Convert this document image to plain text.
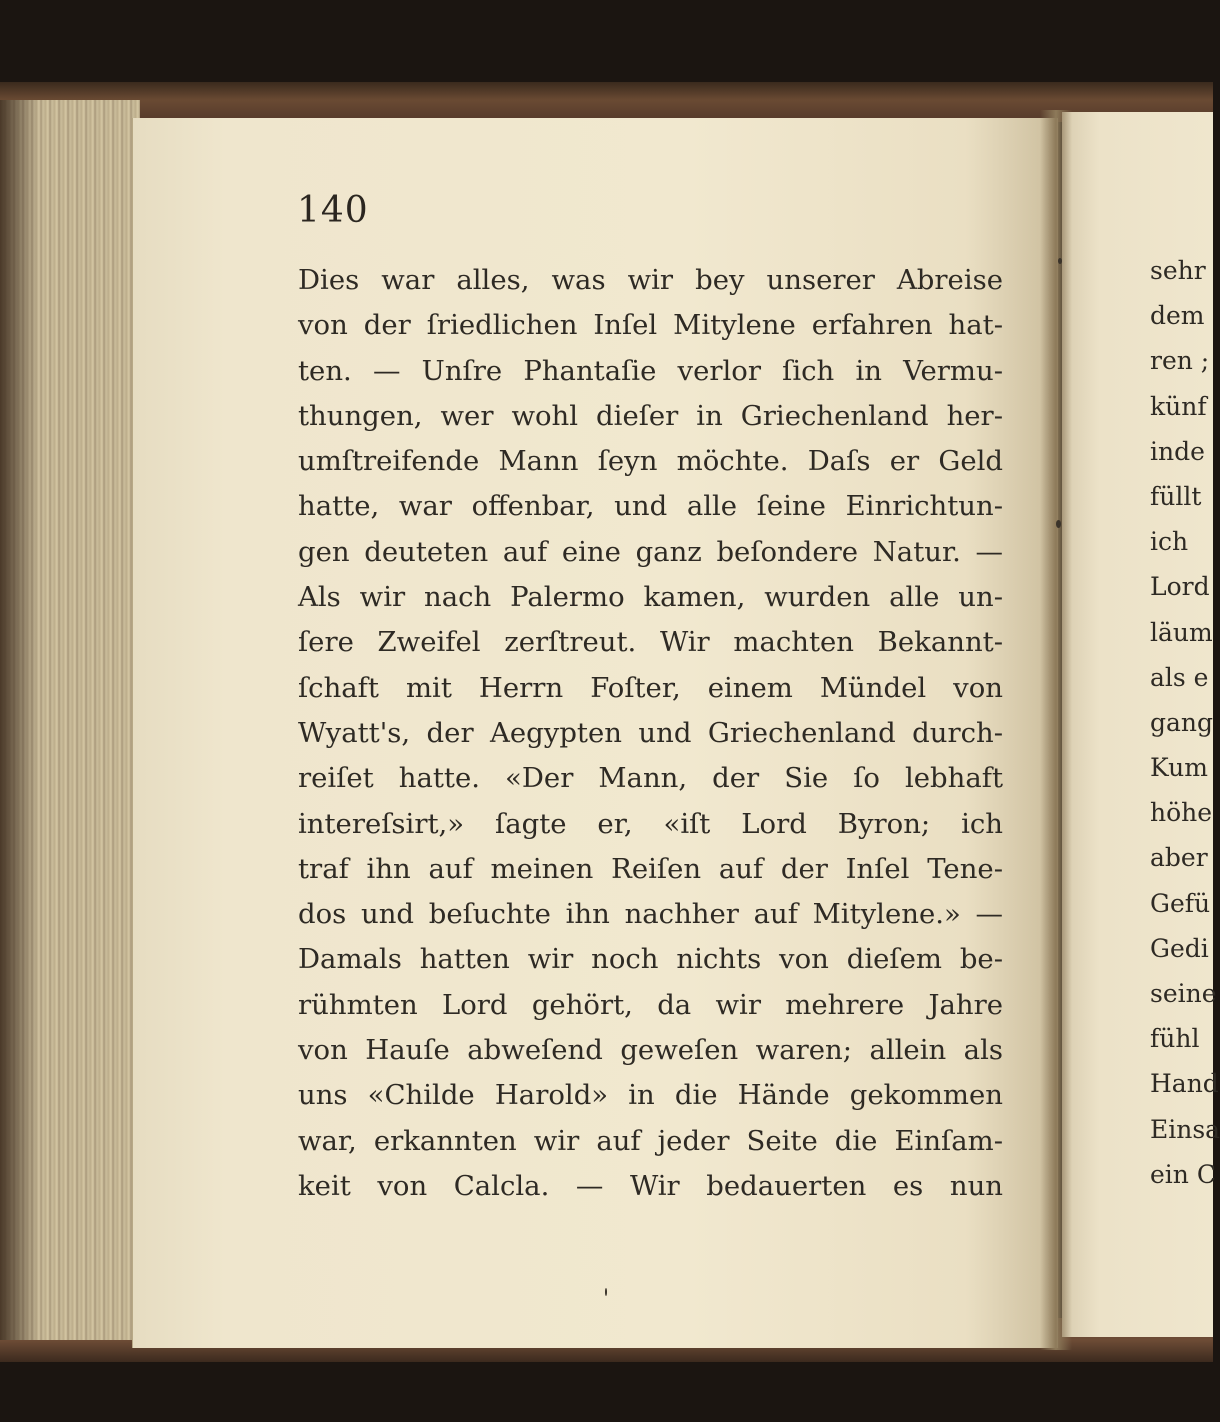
140
Dies war alles, was wir bey unserer Abreise
von der ſriedlichen Inſel Mitylene erfahren hat-
ten. — Unſre Phantaſie verlor ſich in Vermu-
thungen, wer wohl dieſer in Griechenland her-
umſtreifende Mann ſeyn möchte. Daſs er Geld
hatte, war offenbar, und alle ſeine Einrichtun-
gen deuteten auf eine ganz beſondere Natur. —
Als wir nach Palermo kamen, wurden alle un-
ſere Zweifel zerſtreut. Wir machten Bekannt-
ſchaft mit Herrn Foſter, einem Mündel von
Wyatt's, der Aegypten und Griechenland durch-
reiſet hatte. «Der Mann, der Sie ſo lebhaft
intereſsirt,» ſagte er, «iſt Lord Byron; ich
traf ihn auf meinen Reiſen auf der Inſel Tene-
dos und beſuchte ihn nachher auf Mitylene.» —
Damals hatten wir noch nichts von dieſem be-
rühmten Lord gehört, da wir mehrere Jahre
von Hauſe abweſend geweſen waren; allein als
uns «Childe Harold» in die Hände gekommen
war, erkannten wir auf jeder Seite die Einſam-
keit von Calcla. — Wir bedauerten es nun
sehr
dem
ren ;
künf
inde
füllt
ich
Lord
läum
als e
gang
Kum
höhe
aber
Gefü
Gedi
seine
fühl
Hand
Einsa
ein C
